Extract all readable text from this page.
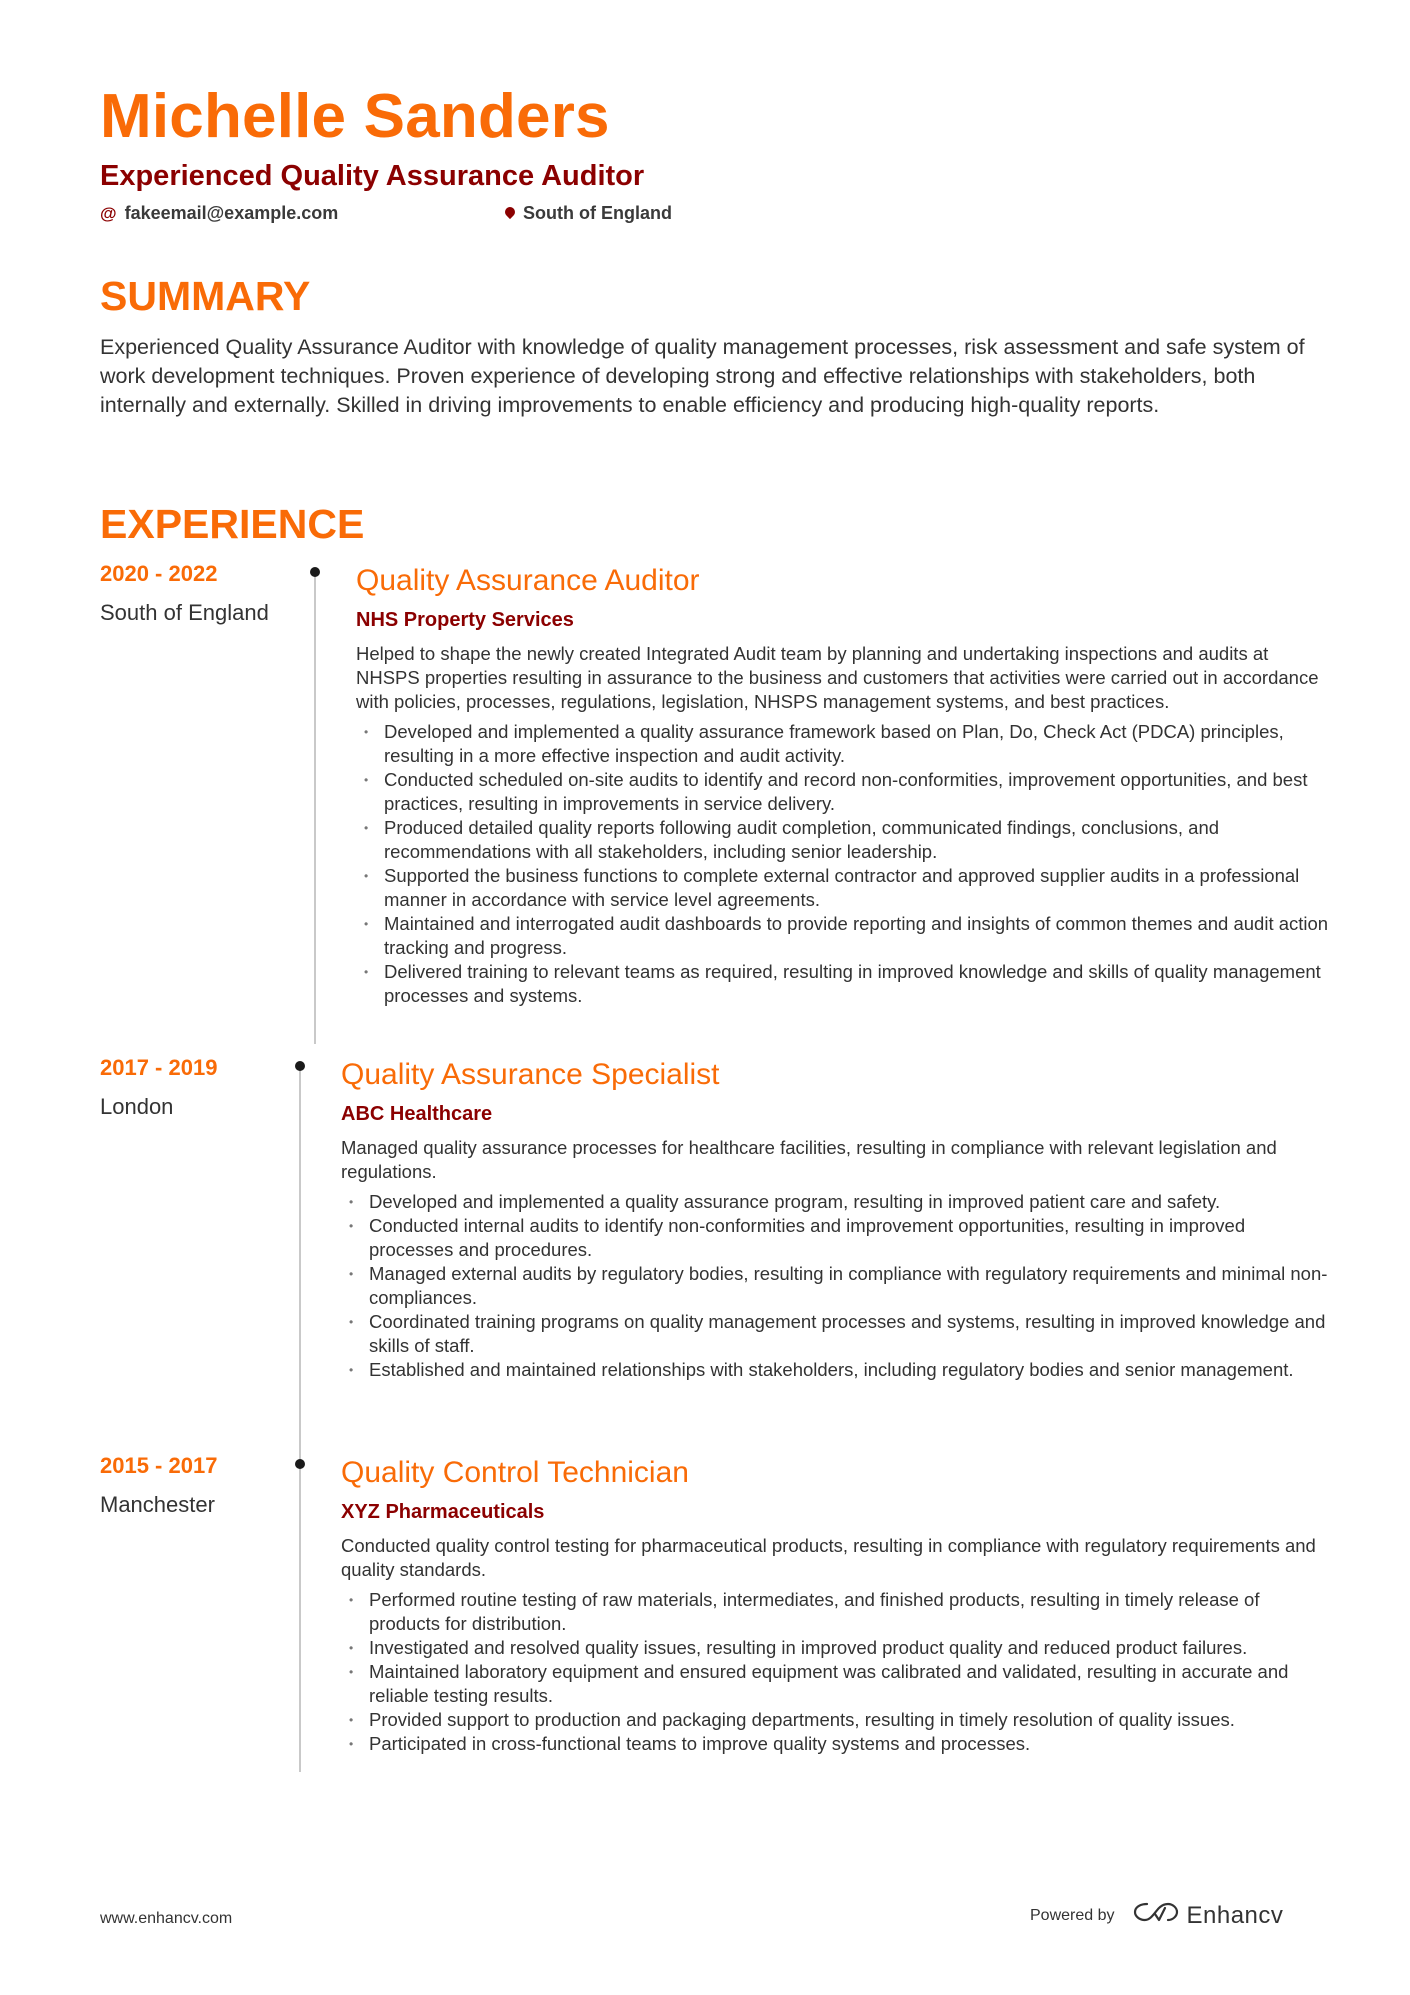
Michelle Sanders
Experienced Quality Assurance Auditor
@ fakeemail@example.com	South of England
SUMMARY
Experienced Quality Assurance Auditor with knowledge of quality management processes, risk assessment and safe system of work development techniques. Proven experience of developing strong and effective relationships with stakeholders, both internally and externally. Skilled in driving improvements to enable efficiency and producing high-quality reports.
EXPERIENCE
2020 - 2022
South of England
Quality Assurance Auditor
NHS Property Services
Helped to shape the newly created Integrated Audit team by planning and undertaking inspections and audits at NHSPS properties resulting in assurance to the business and customers that activities were carried out in accordance with policies, processes, regulations, legislation, NHSPS management systems, and best practices.
• Developed and implemented a quality assurance framework based on Plan, Do, Check Act (PDCA) principles, resulting in a more effective inspection and audit activity.
• Conducted scheduled on-site audits to identify and record non-conformities, improvement opportunities, and best practices, resulting in improvements in service delivery.
• Produced detailed quality reports following audit completion, communicated findings, conclusions, and recommendations with all stakeholders, including senior leadership.
• Supported the business functions to complete external contractor and approved supplier audits in a professional manner in accordance with service level agreements.
• Maintained and interrogated audit dashboards to provide reporting and insights of common themes and audit action tracking and progress.
• Delivered training to relevant teams as required, resulting in improved knowledge and skills of quality management processes and systems.
2017 - 2019
London
Quality Assurance Specialist
ABC Healthcare
Managed quality assurance processes for healthcare facilities, resulting in compliance with relevant legislation and regulations.
• Developed and implemented a quality assurance program, resulting in improved patient care and safety.
• Conducted internal audits to identify non-conformities and improvement opportunities, resulting in improved processes and procedures.
• Managed external audits by regulatory bodies, resulting in compliance with regulatory requirements and minimal non-compliances.
• Coordinated training programs on quality management processes and systems, resulting in improved knowledge and skills of staff.
• Established and maintained relationships with stakeholders, including regulatory bodies and senior management.
2015 - 2017
Manchester
Quality Control Technician
XYZ Pharmaceuticals
Conducted quality control testing for pharmaceutical products, resulting in compliance with regulatory requirements and quality standards.
• Performed routine testing of raw materials, intermediates, and finished products, resulting in timely release of products for distribution.
• Investigated and resolved quality issues, resulting in improved product quality and reduced product failures.
• Maintained laboratory equipment and ensured equipment was calibrated and validated, resulting in accurate and reliable testing results.
• Provided support to production and packaging departments, resulting in timely resolution of quality issues.
• Participated in cross-functional teams to improve quality systems and processes.
www.enhancv.com	Powered by	Enhancv
